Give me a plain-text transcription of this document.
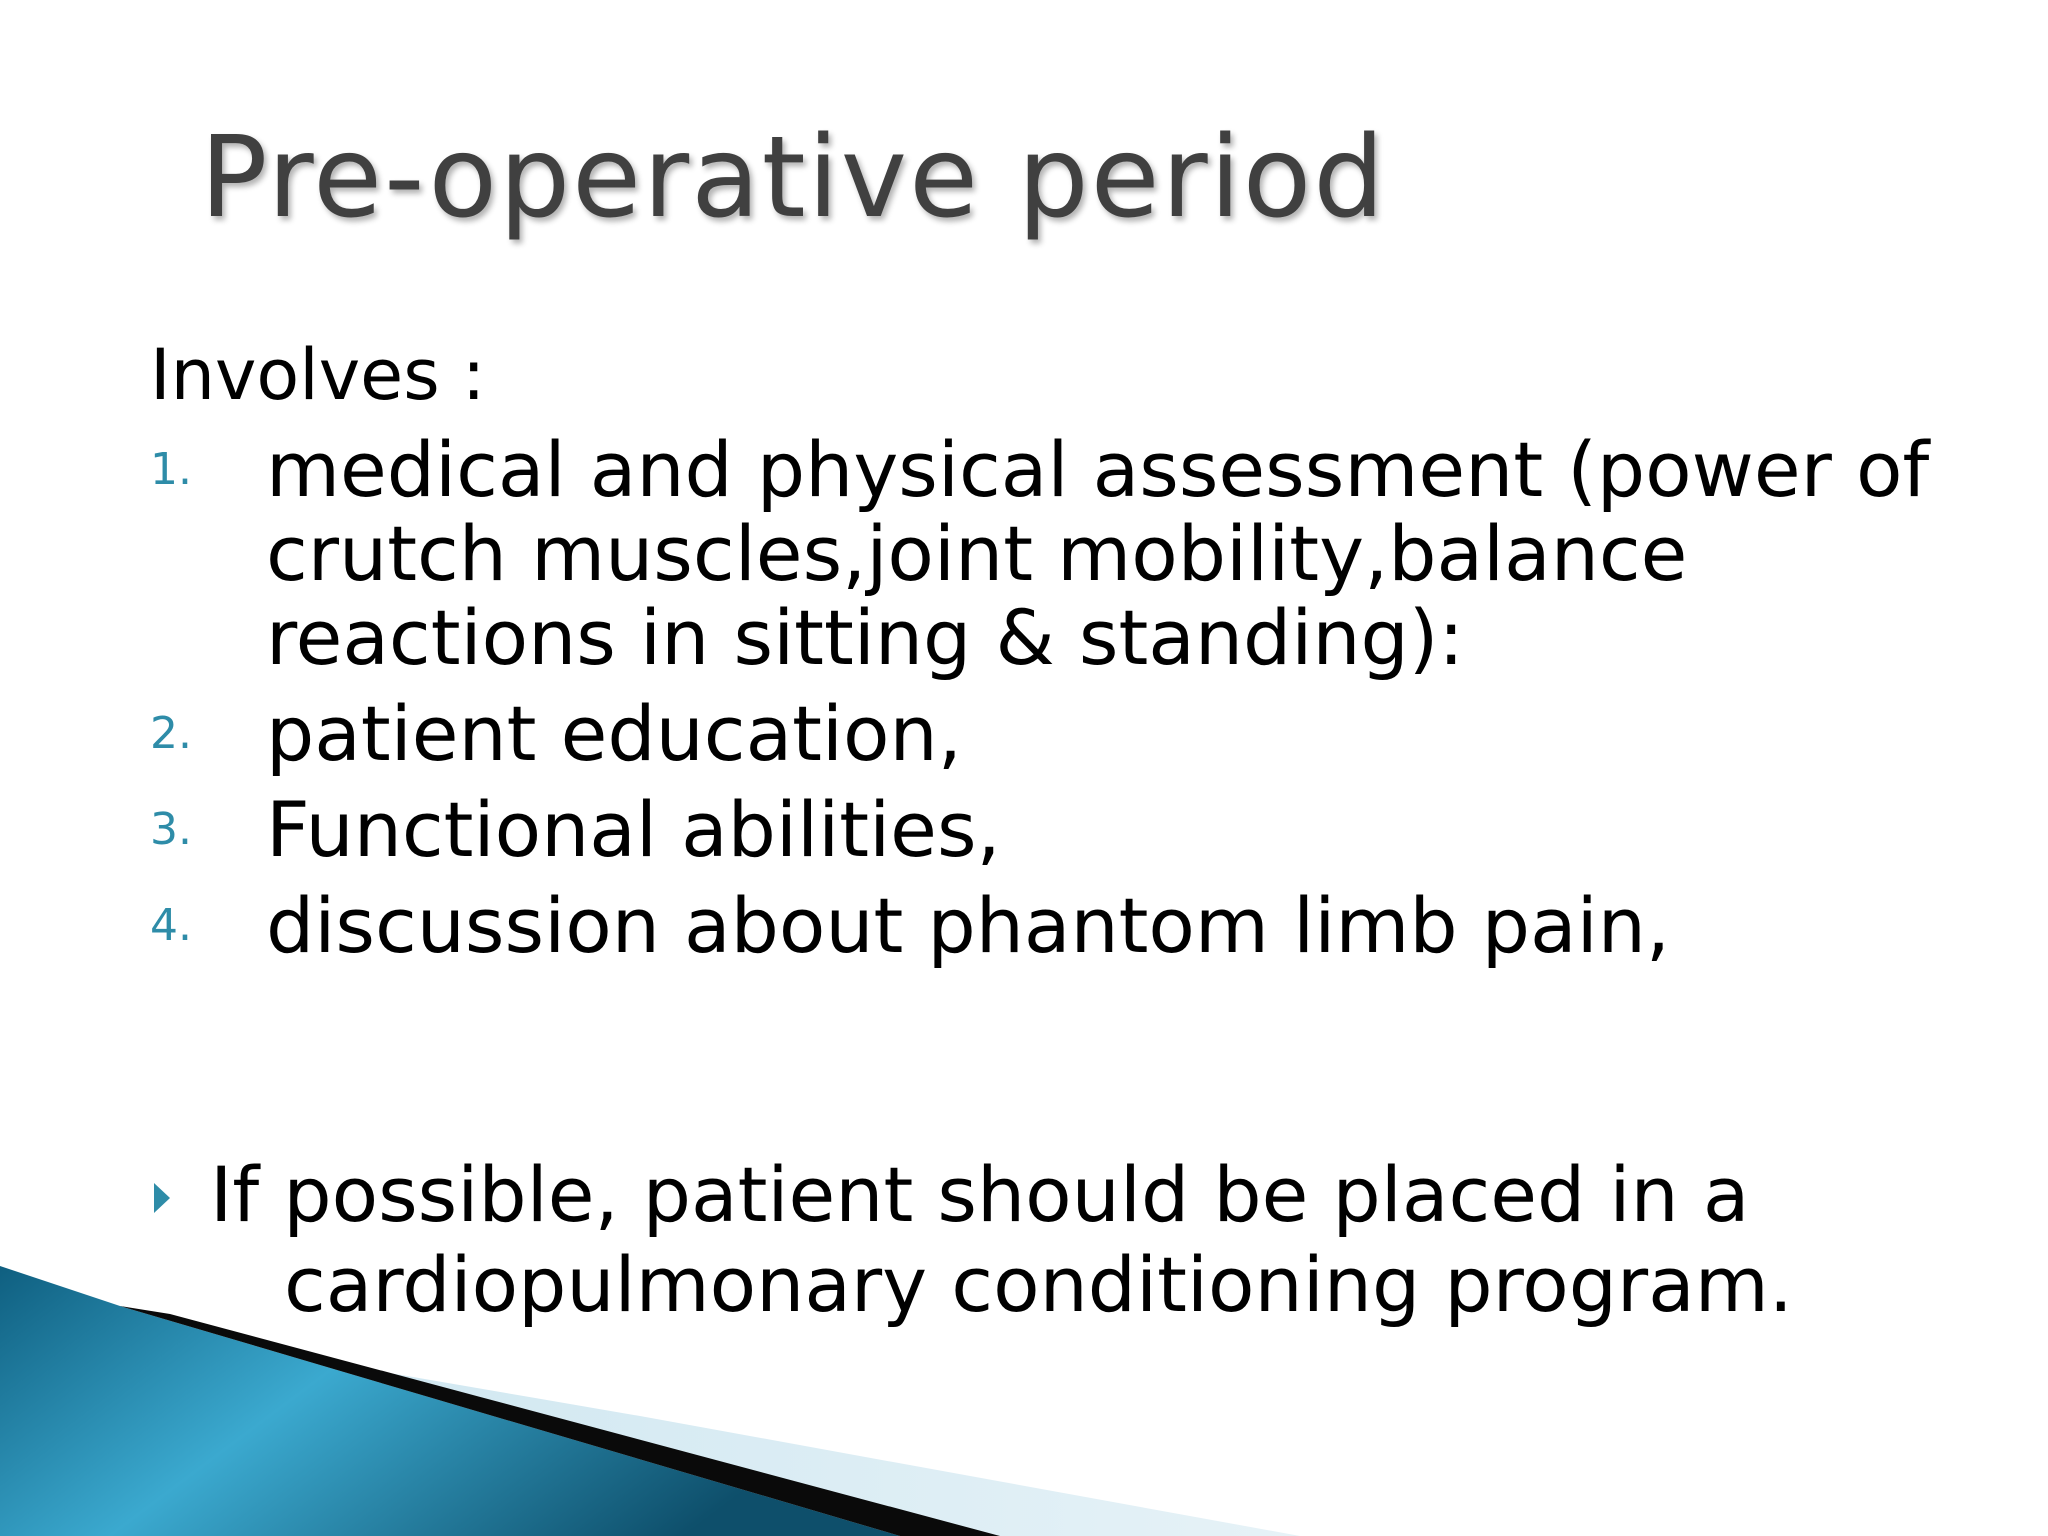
Pre-operative period
Involves :
1. medical and physical assessment (power of crutch muscles,joint mobility,balance reactions in sitting & standing):
2. patient education,
3. Functional abilities,
4. discussion about phantom limb pain,
If possible, patient should be placed in a
cardiopulmonary conditioning program.
